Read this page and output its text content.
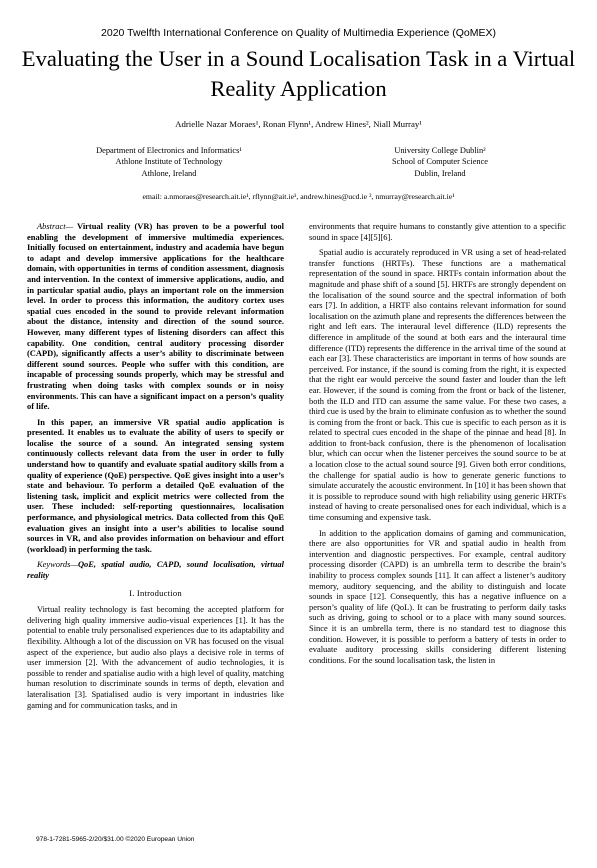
2020 Twelfth International Conference on Quality of Multimedia Experience (QoMEX)
Evaluating the User in a Sound Localisation Task in a Virtual Reality Application
Adrielle Nazar Moraes¹, Ronan Flynn¹, Andrew Hines², Niall Murray¹
Department of Electronics and Informatics¹
Athlone Institute of Technology
Athlone, Ireland
University College Dublin²
School of Computer Science
Dublin, Ireland
email: a.nmoraes@research.ait.ie¹, rflynn@ait.ie¹, andrew.hines@ucd.ie ², nmurray@research.ait.ie¹

Abstract— Virtual reality (VR) has proven to be a powerful tool enabling the development of immersive multimedia experiences. Initially focused on entertainment, industry and academia have begun to adapt and develop immersive applications for the healthcare domain, with opportunities in terms of condition assessment, diagnosis and intervention. In the context of immersive applications, audio, and in particular spatial audio, plays an important role on the immersion level. In order to process this information, the auditory cortex uses spatial cues encoded in the sound to provide relevant information about the distance, intensity and direction of the sound source. However, many different types of listening disorders can affect this capability. One condition, central auditory processing disorder (CAPD), significantly affects a user’s ability to discriminate between different sound sources. People who suffer with this condition, are incapable of processing sounds properly, which may be stressful and frustrating when doing tasks with complex sounds or in noisy environments. This can have a significant impact on a person’s quality of life.

In this paper, an immersive VR spatial audio application is presented. It enables us to evaluate the ability of users to specify or localise the source of a sound. An integrated sensing system continuously collects relevant data from the user in order to fully understand how to quantify and evaluate spatial auditory skills from a quality of experience (QoE) perspective. QoE gives insight into a user’s state and behaviour. To perform a detailed QoE evaluation of the listening task, implicit and explicit metrics were collected from the user. These included: self-reporting questionnaires, localisation performance, and physiological metrics. Data collected from this QoE evaluation gives an insight into a user’s abilities to localise sound sources in VR, and also provides information on behaviour and effort (workload) in performing the task.

Keywords—QoE, spatial audio, CAPD, sound localisation, virtual reality

I. Introduction

Virtual reality technology is fast becoming the accepted platform for delivering high quality immersive audio-visual experiences [1]. It has the potential to enable truly personalised experiences due to its adaptability and flexibility. Although a lot of the discussion on VR has focused on the visual aspect of the experience, but audio also plays a decisive role in terms of user immersion [2]. With the advancement of audio technologies, it is possible to render and spatialise audio with a high level of quality, matching human resolution to discriminate sounds in terms of depth, elevation and lateralisation [3]. Spatialised audio is very important in industries like gaming and for communication tasks, and in

environments that require humans to constantly give attention to a specific sound in space [4][5][6].

Spatial audio is accurately reproduced in VR using a set of head-related transfer functions (HRTFs). These functions are a mathematical representation of the sound in space. HRTFs contain information about the magnitude and phase shift of a sound [5]. HRTFs are strongly dependent on the localisation of the sound source and the spectral information of both ears [7]. In addition, a HRTF also contains relevant information for sound localisation on the azimuth plane and represents the differences between the right and left ears. The interaural level difference (ILD) represents the difference in amplitude of the sound at both ears and the interaural time difference (ITD) represents the difference in the arrival time of the sound at each ear [3]. These characteristics are important in terms of how sounds are perceived. For instance, if the sound is coming from the right, it is expected that the right ear would perceive the sound faster and louder than the left ear. However, if the sound is coming from the front or back of the listener, both the ILD and ITD can assume the same value. For these two cases, a third cue is used by the brain to eliminate confusion as to whether the sound is coming from the front or back. This cue is specific to each person as it is related to spectral cues encoded in the shape of the pinnae and head [8]. In addition to front-back confusion, there is the phenomenon of localisation blur, which can occur when the listener perceives the sound source to be at a location close to the actual sound source [9]. Given both error conditions, the challenge for spatial audio is how to generate generic functions to simulate accurately the acoustic environment. In [10] it has been shown that it is possible to reproduce sound with high reliability using generic HRTFs instead of having to create personalised ones for each individual, which is a time consuming and expensive task.

In addition to the application domains of gaming and communication, there are also opportunities for VR and spatial audio in health from intervention and diagnostic perspectives. For example, central auditory processing disorder (CAPD) is an umbrella term to describe the brain’s inability to process complex sounds [11]. It can affect a listener’s auditory memory, auditory sequencing, and the ability to distinguish and locate sounds in space [12]. Consequently, this has a negative influence on a person’s quality of life (QoL). It can be frustrating to perform daily tasks such as driving, going to school or to a place with many sound sources. Since it is an umbrella term, there is no standard test to diagnose this condition. However, it is possible to perform a battery of tests in order to evaluate auditory processing skills considering different listening conditions. For the sound localisation task, the listen in

978-1-7281-5965-2/20/$31.00 ©2020 European Union
